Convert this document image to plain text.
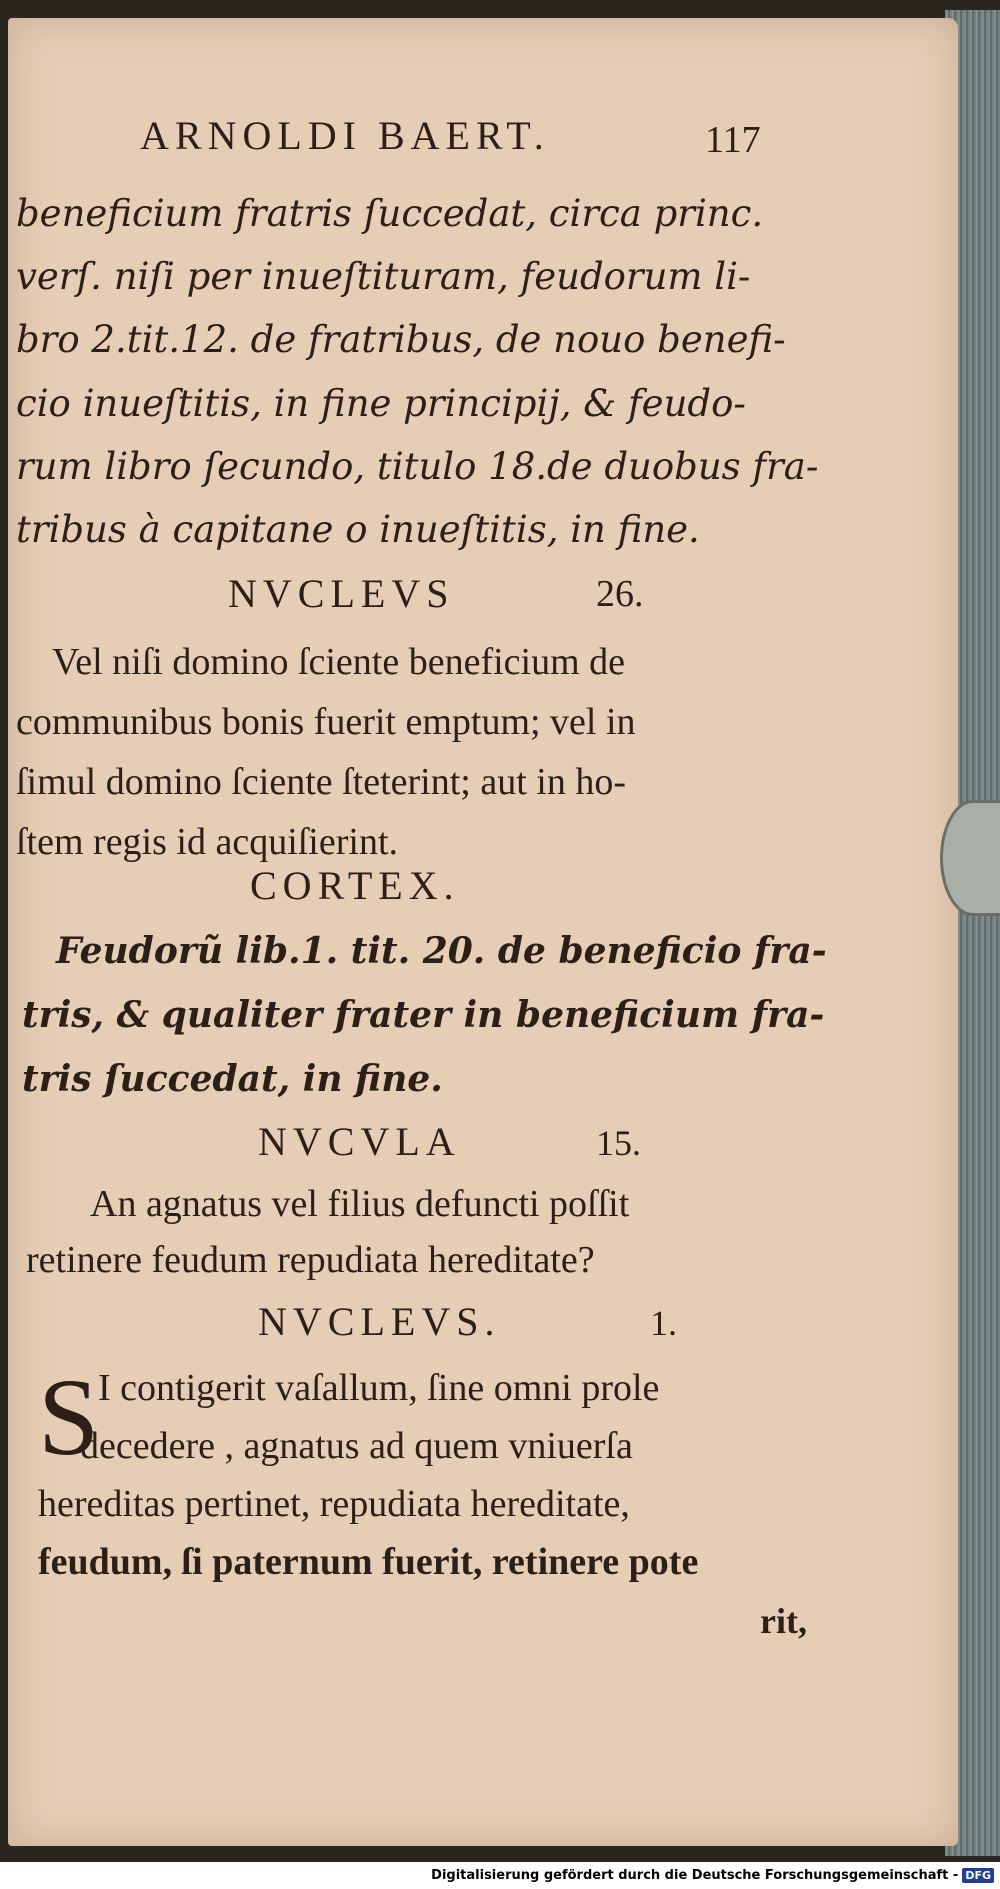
ARNOLDI BAERT.	117
beneficium fratris ſuccedat, circa princ.
verſ. niſi per inueſtituram, feudorum li-
bro 2.tit.12. de fratribus, de nouo benefi-
cio inueſtitis, in fine principij, & feudo-
rum libro ſecundo, titulo 18.de duobus fra-
tribus à capitane o inueſtitis, in fine.
NVCLEVS	26.
Vel niſi domino ſciente beneficium de
communibus bonis fuerit emptum; vel in
ſimul domino ſciente ſteterint; aut in ho-
ſtem regis id acquiſierint.
CORTEX.
Feudorũ lib.1. tit. 20. de beneficio fra-
tris, & qualiter frater in beneficium fra-
tris ſuccedat, in fine.
NVCVLA	15.
An agnatus vel filius defuncti poſſit
retinere feudum repudiata hereditate?
NVCLEVS.	1.
S
I contigerit vaſallum, ſine omni prole
decedere , agnatus ad quem vniuerſa
hereditas pertinet, repudiata hereditate,
feudum, ſi paternum fuerit, retinere pote
rit,
Digitalisierung gefördert durch die Deutsche Forschungsgemeinschaft - DFG
